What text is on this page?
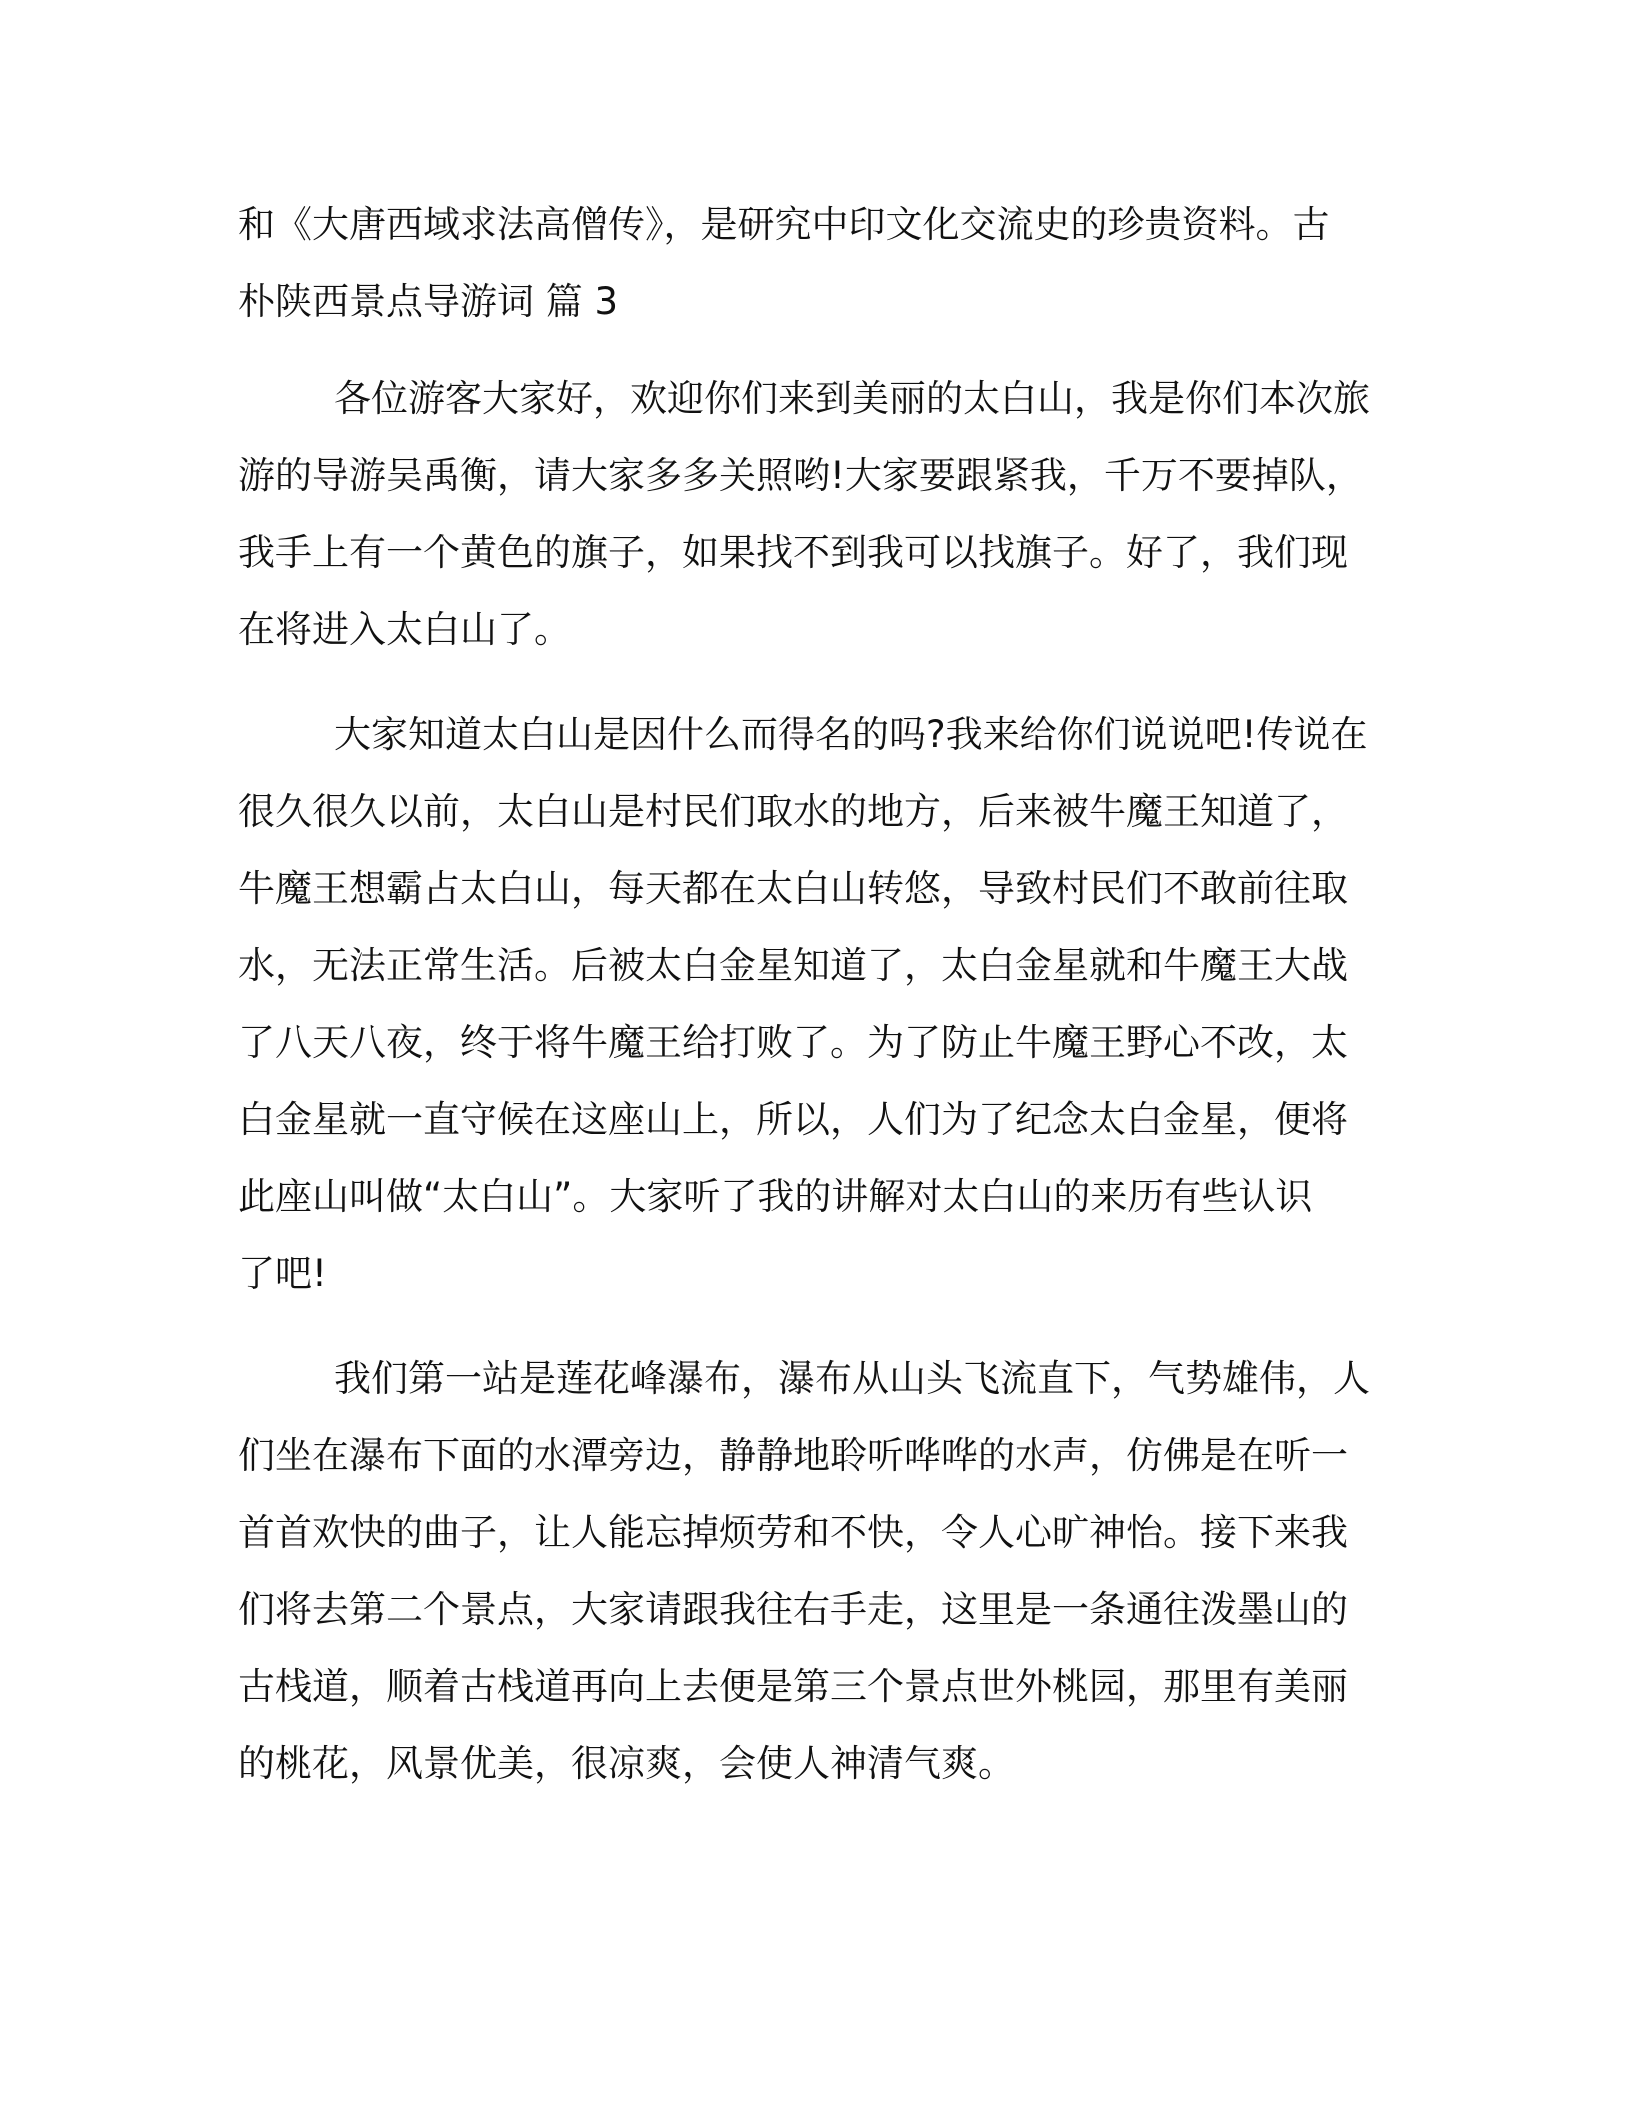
和《大唐西域求法高僧传》，是研究中印文化交流史的珍贵资料。古
朴陕西景点导游词 篇 3
各位游客大家好，欢迎你们来到美丽的太白山，我是你们本次旅
游的导游吴禹衡，请大家多多关照哟!大家要跟紧我，千万不要掉队，
我手上有一个黄色的旗子，如果找不到我可以找旗子。好了，我们现
在将进入太白山了。
大家知道太白山是因什么而得名的吗?我来给你们说说吧!传说在
很久很久以前，太白山是村民们取水的地方，后来被牛魔王知道了，
牛魔王想霸占太白山，每天都在太白山转悠，导致村民们不敢前往取
水，无法正常生活。后被太白金星知道了，太白金星就和牛魔王大战
了八天八夜，终于将牛魔王给打败了。为了防止牛魔王野心不改，太
白金星就一直守候在这座山上，所以，人们为了纪念太白金星，便将
此座山叫做“太白山”。大家听了我的讲解对太白山的来历有些认识
了吧!
我们第一站是莲花峰瀑布，瀑布从山头飞流直下，气势雄伟，人
们坐在瀑布下面的水潭旁边，静静地聆听哗哗的水声，仿佛是在听一
首首欢快的曲子，让人能忘掉烦劳和不快，令人心旷神怡。接下来我
们将去第二个景点，大家请跟我往右手走，这里是一条通往泼墨山的
古栈道，顺着古栈道再向上去便是第三个景点世外桃园，那里有美丽
的桃花，风景优美，很凉爽，会使人神清气爽。
